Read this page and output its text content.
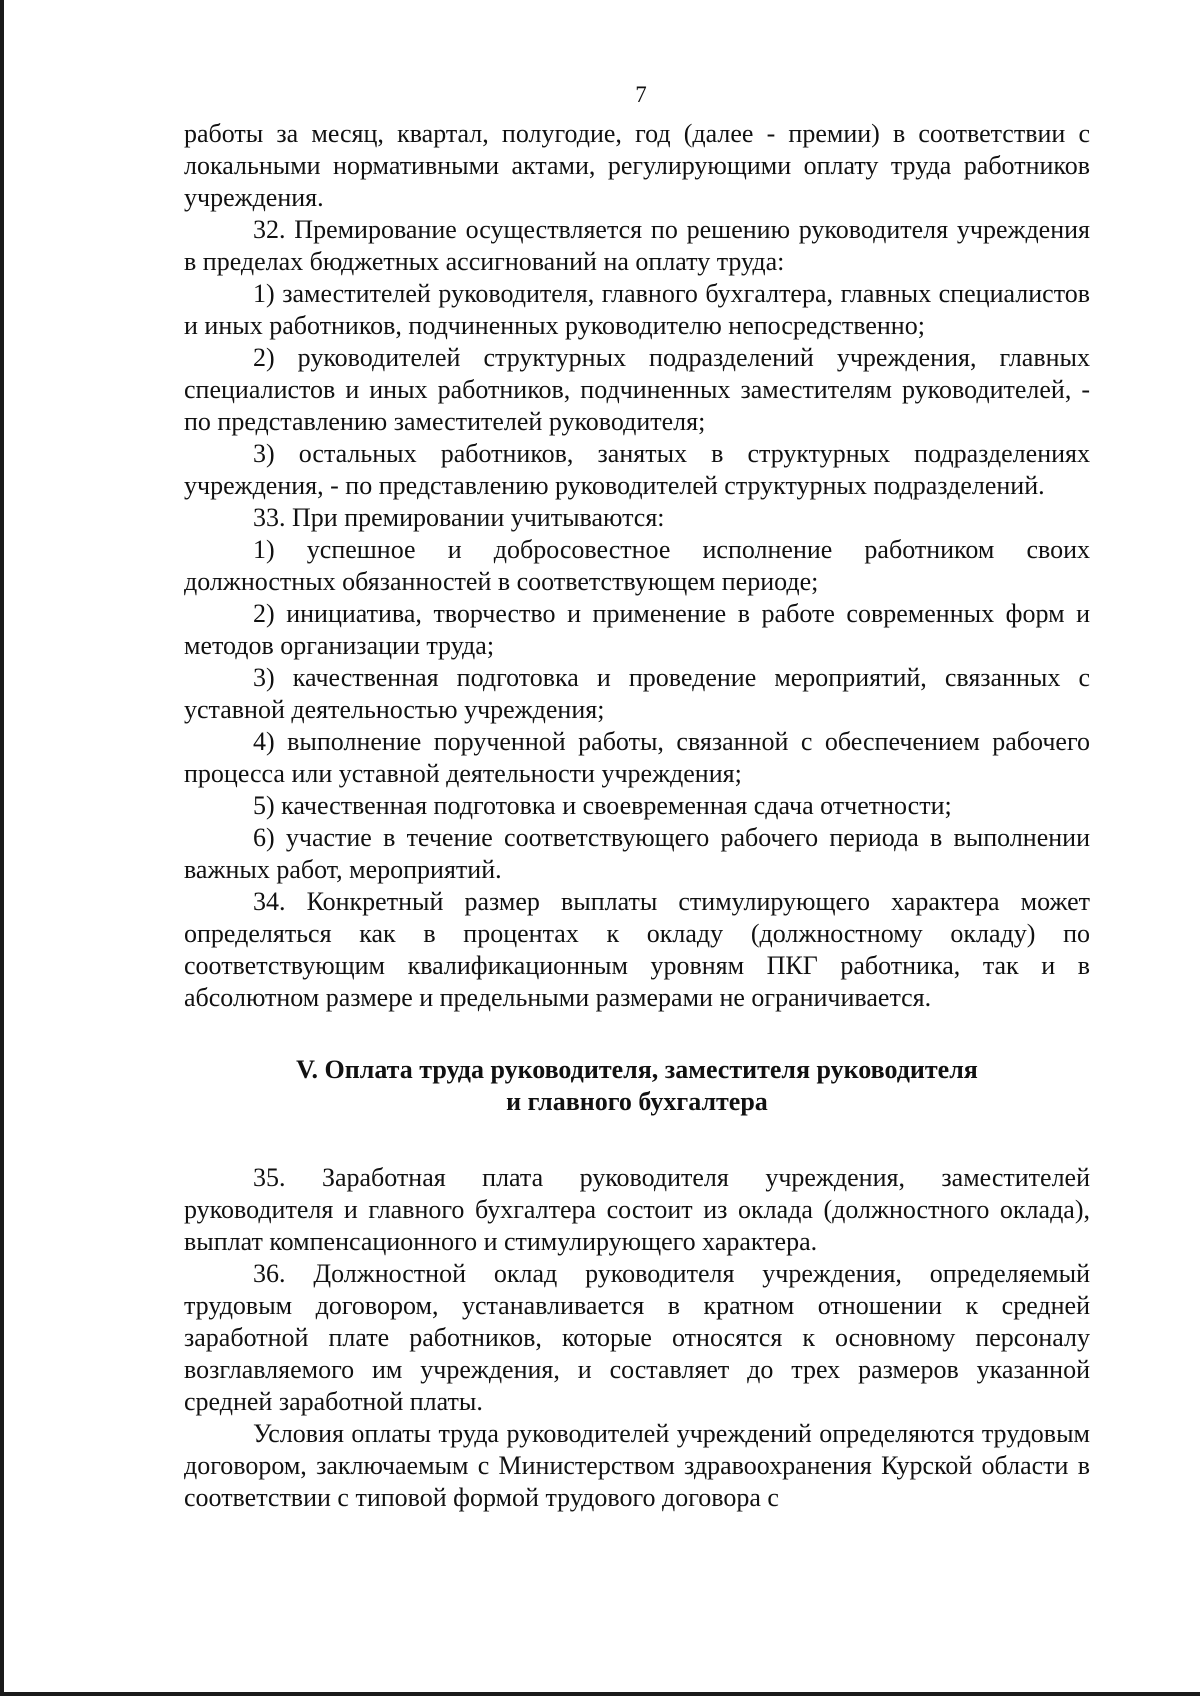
7

работы за месяц, квартал, полугодие, год (далее - премии) в соответствии с локальными нормативными актами, регулирующими оплату труда работников учреждения.

32. Премирование осуществляется по решению руководителя учреждения в пределах бюджетных ассигнований на оплату труда:

1) заместителей руководителя, главного бухгалтера, главных специалистов и иных работников, подчиненных руководителю непосредственно;

2) руководителей структурных подразделений учреждения, главных специалистов и иных работников, подчиненных заместителям руководителей, - по представлению заместителей руководителя;

3) остальных работников, занятых в структурных подразделениях учреждения, - по представлению руководителей структурных подразделений.

33. При премировании учитываются:

1) успешное и добросовестное исполнение работником своих должностных обязанностей в соответствующем периоде;

2) инициатива, творчество и применение в работе современных форм и методов организации труда;

3) качественная подготовка и проведение мероприятий, связанных с уставной деятельностью учреждения;

4) выполнение порученной работы, связанной с обеспечением рабочего процесса или уставной деятельности учреждения;

5) качественная подготовка и своевременная сдача отчетности;

6) участие в течение соответствующего рабочего периода в выполнении важных работ, мероприятий.

34. Конкретный размер выплаты стимулирующего характера может определяться как в процентах к окладу (должностному окладу) по соответствующим квалификационным уровням ПКГ работника, так и в абсолютном размере и предельными размерами не ограничивается.

V. Оплата труда руководителя, заместителя руководителя
и главного бухгалтера

35. Заработная плата руководителя учреждения, заместителей руководителя и главного бухгалтера состоит из оклада (должностного оклада), выплат компенсационного и стимулирующего характера.

36. Должностной оклад руководителя учреждения, определяемый трудовым договором, устанавливается в кратном отношении к средней заработной плате работников, которые относятся к основному персоналу возглавляемого им учреждения, и составляет до трех размеров указанной средней заработной платы.

Условия оплаты труда руководителей учреждений определяются трудовым договором, заключаемым с Министерством здравоохранения Курской области в соответствии с типовой формой трудового договора с
